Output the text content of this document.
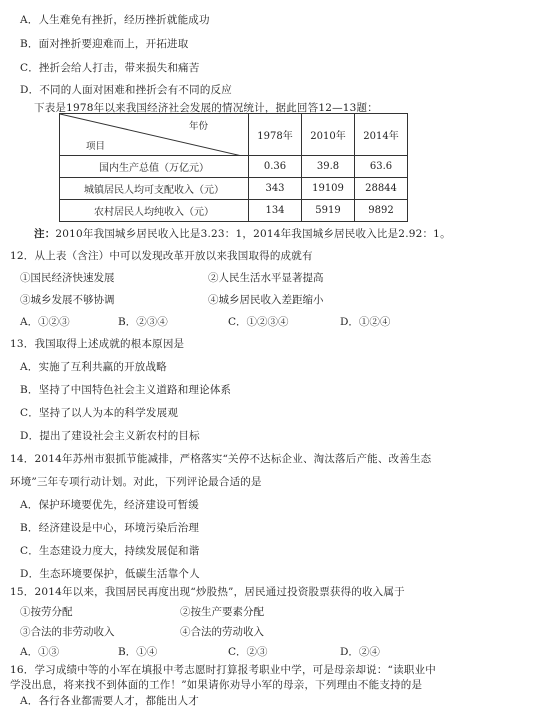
A．人生难免有挫折，经历挫折就能成功
B．面对挫折要迎难而上，开拓进取
C．挫折会给人打击，带来损失和痛苦
D．不同的人面对困难和挫折会有不同的反应
下表是1978年以来我国经济社会发展的情况统计，据此回答12—13题：
年份
项目	1978年	2010年	2014年
国内生产总值（万亿元）	0.36	39.8	63.6
城镇居民人均可支配收入（元）	343	19109	28844
农村居民人均纯收入（元）	134	5919	9892
注：2010年我国城乡居民收入比是3.23：1，2014年我国城乡居民收入比是2.92：1。
12．从上表（含注）中可以发现改革开放以来我国取得的成就有
①国民经济快速发展	②人民生活水平显著提高
③城乡发展不够协调	④城乡居民收入差距缩小
A．①②③	B．②③④	C．①②③④	D．①②④
13．我国取得上述成就的根本原因是
A．实施了互利共赢的开放战略
B．坚持了中国特色社会主义道路和理论体系
C．坚持了以人为本的科学发展观
D．提出了建设社会主义新农村的目标
14．2014年苏州市狠抓节能减排，严格落实“关停不达标企业、淘汰落后产能、改善生态
环境”三年专项行动计划。对此，下列评论最合适的是
A．保护环境要优先，经济建设可暂缓
B．经济建设是中心，环境污染后治理
C．生态建设力度大，持续发展促和谐
D．生态环境要保护，低碳生活靠个人
15．2014年以来，我国居民再度出现“炒股热”，居民通过投资股票获得的收入属于
①按劳分配	②按生产要素分配
③合法的非劳动收入	④合法的劳动收入
A．①③	B．①④	C．②③	D．②④
16．学习成绩中等的小军在填报中考志愿时打算报考职业中学，可是母亲却说：“读职业中
学没出息，将来找不到体面的工作！”如果请你劝导小军的母亲，下列理由不能支持的是
A．各行各业都需要人才，都能出人才
